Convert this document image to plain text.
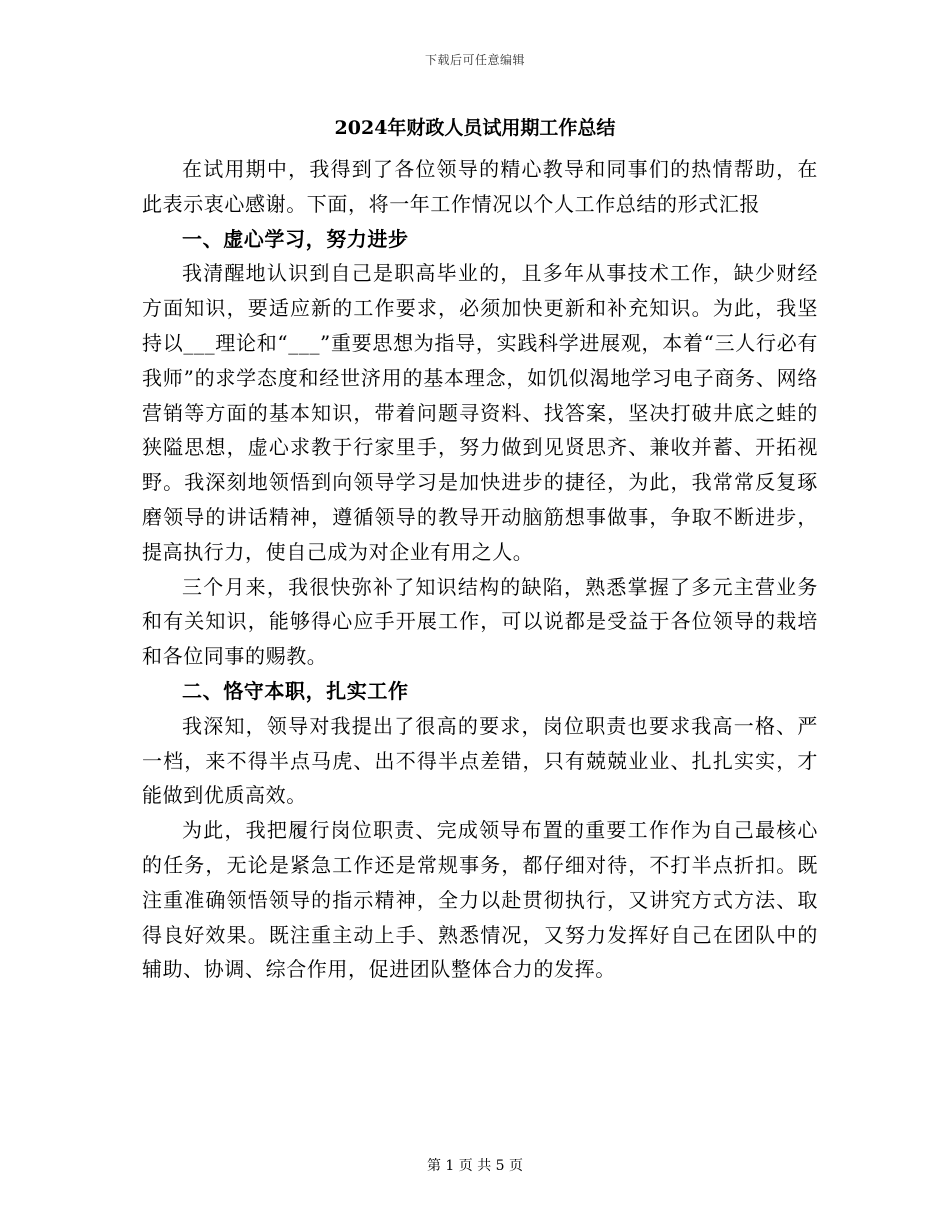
下载后可任意编辑
2024年财政人员试用期工作总结

在试用期中，我得到了各位领导的精心教导和同事们的热情帮助，在此表示衷心感谢。下面，将一年工作情况以个人工作总结的形式汇报

一、虚心学习，努力进步

我清醒地认识到自己是职高毕业的，且多年从事技术工作，缺少财经方面知识，要适应新的工作要求，必须加快更新和补充知识。为此，我坚持以___理论和“___”重要思想为指导，实践科学进展观，本着“三人行必有我师”的求学态度和经世济用的基本理念，如饥似渴地学习电子商务、网络营销等方面的基本知识，带着问题寻资料、找答案，坚决打破井底之蛙的狭隘思想，虚心求教于行家里手，努力做到见贤思齐、兼收并蓄、开拓视野。我深刻地领悟到向领导学习是加快进步的捷径，为此，我常常反复琢磨领导的讲话精神，遵循领导的教导开动脑筋想事做事，争取不断进步，提高执行力，使自己成为对企业有用之人。

三个月来，我很快弥补了知识结构的缺陷，熟悉掌握了多元主营业务和有关知识，能够得心应手开展工作，可以说都是受益于各位领导的栽培和各位同事的赐教。

二、恪守本职，扎实工作

我深知，领导对我提出了很高的要求，岗位职责也要求我高一格、严一档，来不得半点马虎、出不得半点差错，只有兢兢业业、扎扎实实，才能做到优质高效。

为此，我把履行岗位职责、完成领导布置的重要工作作为自己最核心的任务，无论是紧急工作还是常规事务，都仔细对待，不打半点折扣。既注重准确领悟领导的指示精神，全力以赴贯彻执行，又讲究方式方法、取得良好效果。既注重主动上手、熟悉情况，又努力发挥好自己在团队中的辅助、协调、综合作用，促进团队整体合力的发挥。

第 1 页 共 5 页
